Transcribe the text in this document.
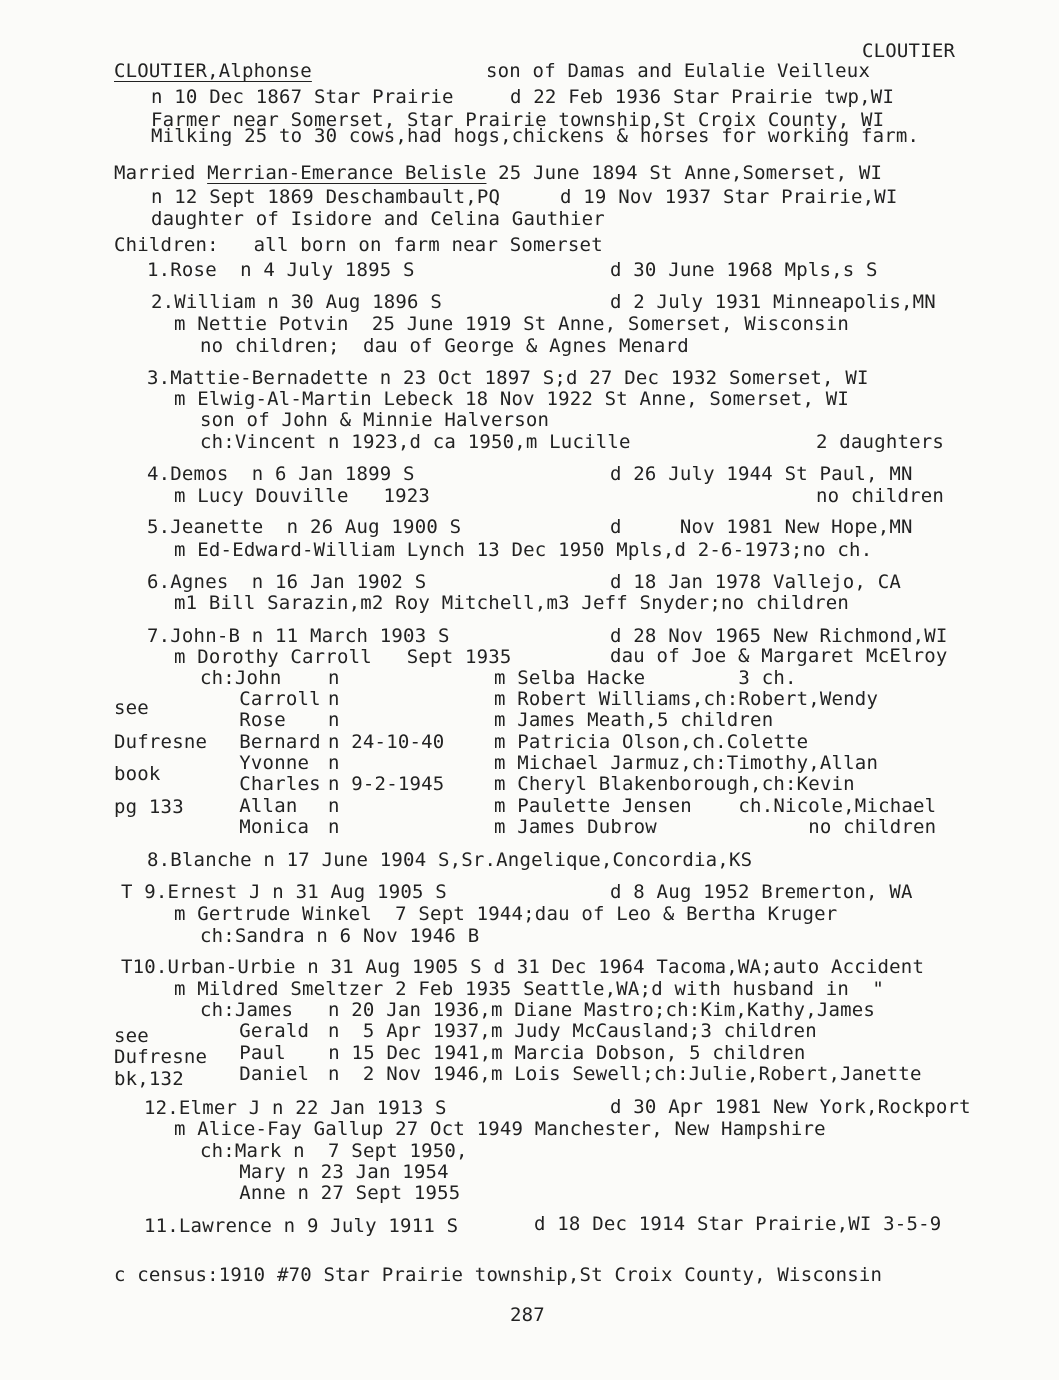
CLOUTIER
CLOUTIER,Alphonse	son of Damas and Eulalie Veilleux
n 10 Dec 1867 Star Prairie	d 22 Feb 1936 Star Prairie twp,WI
Farmer near Somerset, Star Prairie township,St Croix County, WI
Milking 25 to 30 cows,had hogs,chickens & horses for working farm.
Married Merrian-Emerance Belisle 25 June 1894 St Anne,Somerset, WI
n 12 Sept 1869 Deschambault,PQ	d 19 Nov 1937 Star Prairie,WI
daughter of Isidore and Celina Gauthier
Children:   all born on farm near Somerset
1.Rose  n 4 July 1895 S	d 30 June 1968 Mpls,s S
2.William n 30 Aug 1896 S	d 2 July 1931 Minneapolis,MN
m Nettie Potvin  25 June 1919 St Anne, Somerset, Wisconsin
no children;  dau of George & Agnes Menard
3.Mattie-Bernadette n 23 Oct 1897 S;d 27 Dec 1932 Somerset, WI
m Elwig-Al-Martin Lebeck 18 Nov 1922 St Anne, Somerset, WI
son of John & Minnie Halverson
ch:Vincent n 1923,d ca 1950,m Lucille	2 daughters
4.Demos  n 6 Jan 1899 S	d 26 July 1944 St Paul, MN
m Lucy Douville   1923	no children
5.Jeanette  n 26 Aug 1900 S	d     Nov 1981 New Hope,MN
m Ed-Edward-William Lynch 13 Dec 1950 Mpls,d 2-6-1973;no ch.
6.Agnes  n 16 Jan 1902 S	d 18 Jan 1978 Vallejo, CA
m1 Bill Sarazin,m2 Roy Mitchell,m3 Jeff Snyder;no children
7.John-B n 11 March 1903 S	d 28 Nov 1965 New Richmond,WI
m Dorothy Carroll   Sept 1935	dau of Joe & Margaret McElroy
see
Dufresne
book
pg 133
ch:John n	m Selba Hacke        3 ch.
Carroll n	m Robert Williams,ch:Robert,Wendy
Rose n	m James Meath,5 children
Bernard n 24-10-40	m Patricia Olson,ch.Colette
Yvonne n	m Michael Jarmuz,ch:Timothy,Allan
Charles n 9-2-1945	m Cheryl Blakenborough,ch:Kevin
Allan n	m Paulette Jensen    ch.Nicole,Michael
Monica n	m James Dubrow             no children
8.Blanche n 17 June 1904 S,Sr.Angelique,Concordia,KS
T 9.Ernest J n 31 Aug 1905 S	d 8 Aug 1952 Bremerton, WA
m Gertrude Winkel  7 Sept 1944;dau of Leo & Bertha Kruger
ch:Sandra n 6 Nov 1946 B
T10.Urban-Urbie n 31 Aug 1905 S d 31 Dec 1964 Tacoma,WA;auto Accident
m Mildred Smeltzer 2 Feb 1935 Seattle,WA;d with husband in  "
see
Dufresne
bk,132
ch:James n 20 Jan 1936,m Diane Mastro;ch:Kim,Kathy,James
Gerald n  5 Apr 1937,m Judy McCausland;3 children
Paul n 15 Dec 1941,m Marcia Dobson, 5 children
Daniel n  2 Nov 1946,m Lois Sewell;ch:Julie,Robert,Janette
12.Elmer J n 22 Jan 1913 S	d 30 Apr 1981 New York,Rockport
m Alice-Fay Gallup 27 Oct 1949 Manchester, New Hampshire
ch:Mark n  7 Sept 1950,
Mary n 23 Jan 1954
Anne n 27 Sept 1955
11.Lawrence n 9 July 1911 S	d 18 Dec 1914 Star Prairie,WI 3-5-9
c census:1910 #70 Star Prairie township,St Croix County, Wisconsin
287
